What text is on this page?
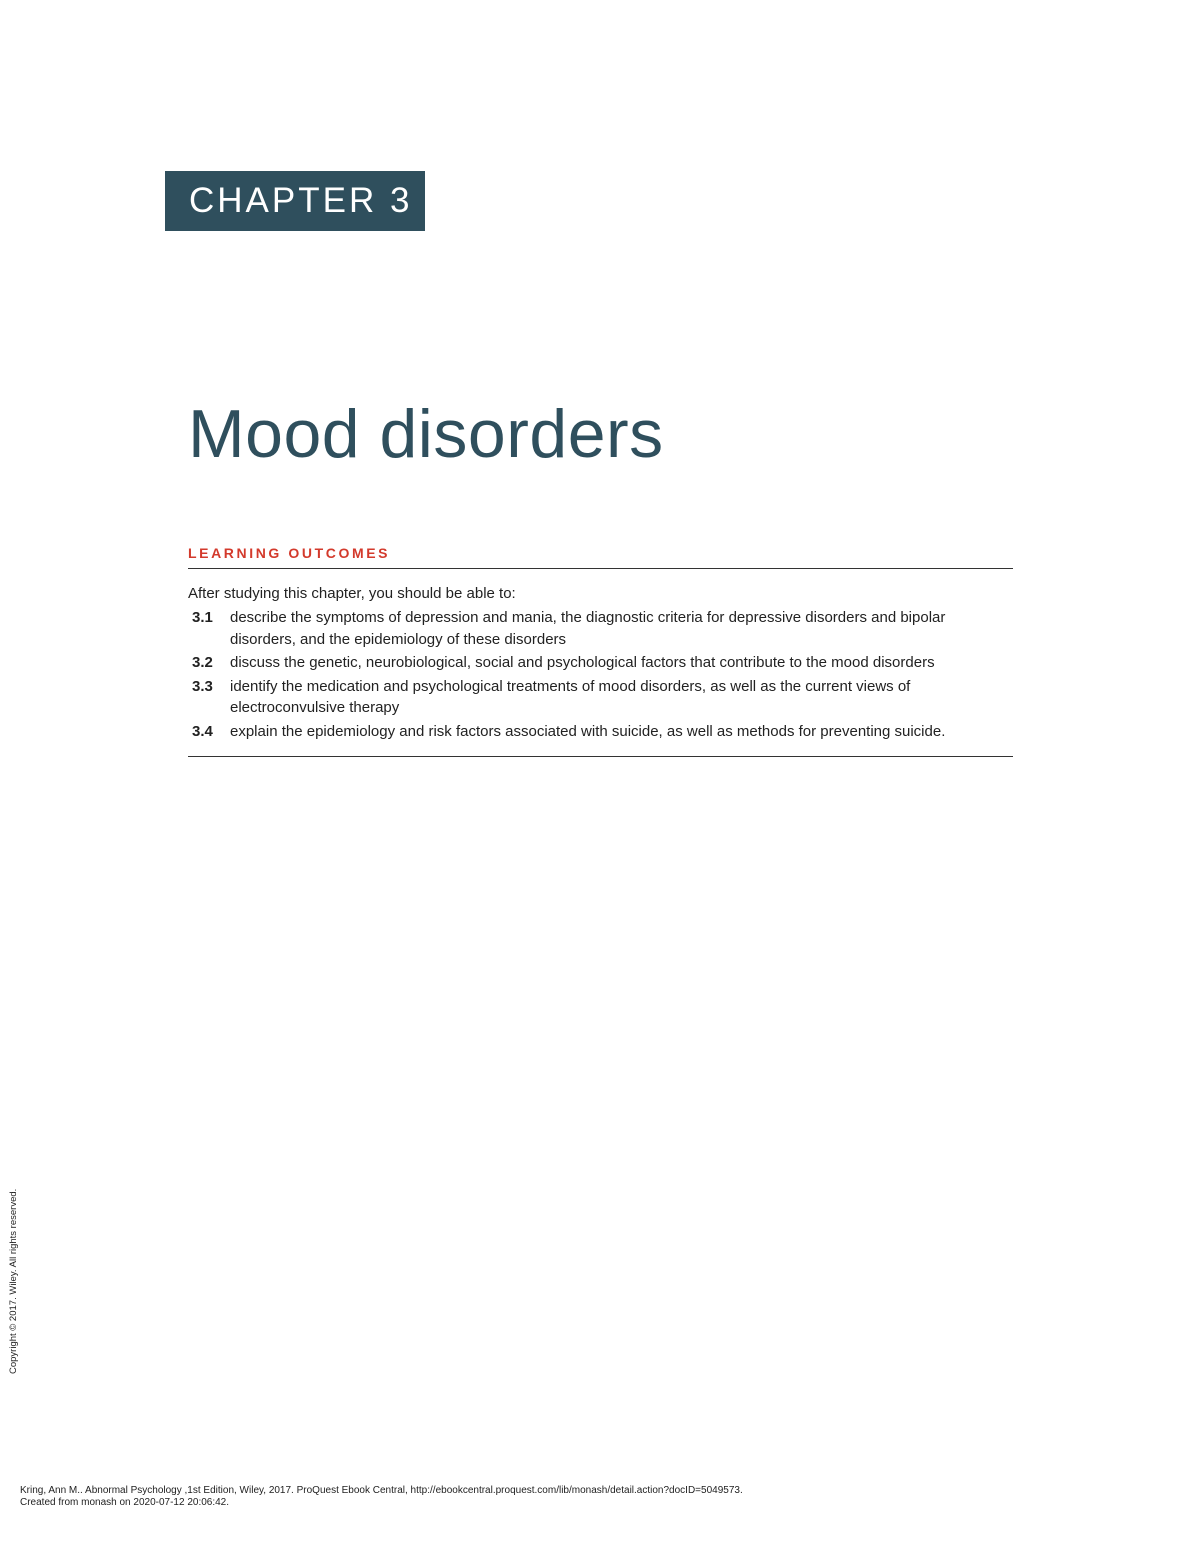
CHAPTER 3
Mood disorders
LEARNING OUTCOMES
After studying this chapter, you should be able to:
3.1	describe the symptoms of depression and mania, the diagnostic criteria for depressive disorders and bipolar disorders, and the epidemiology of these disorders
3.2	discuss the genetic, neurobiological, social and psychological factors that contribute to the mood disorders
3.3	identify the medication and psychological treatments of mood disorders, as well as the current views of electroconvulsive therapy
3.4	explain the epidemiology and risk factors associated with suicide, as well as methods for preventing suicide.
Copyright © 2017. Wiley. All rights reserved.
Kring, Ann M.. Abnormal Psychology ,1st Edition, Wiley, 2017. ProQuest Ebook Central, http://ebookcentral.proquest.com/lib/monash/detail.action?docID=5049573.
Created from monash on 2020-07-12 20:06:42.
